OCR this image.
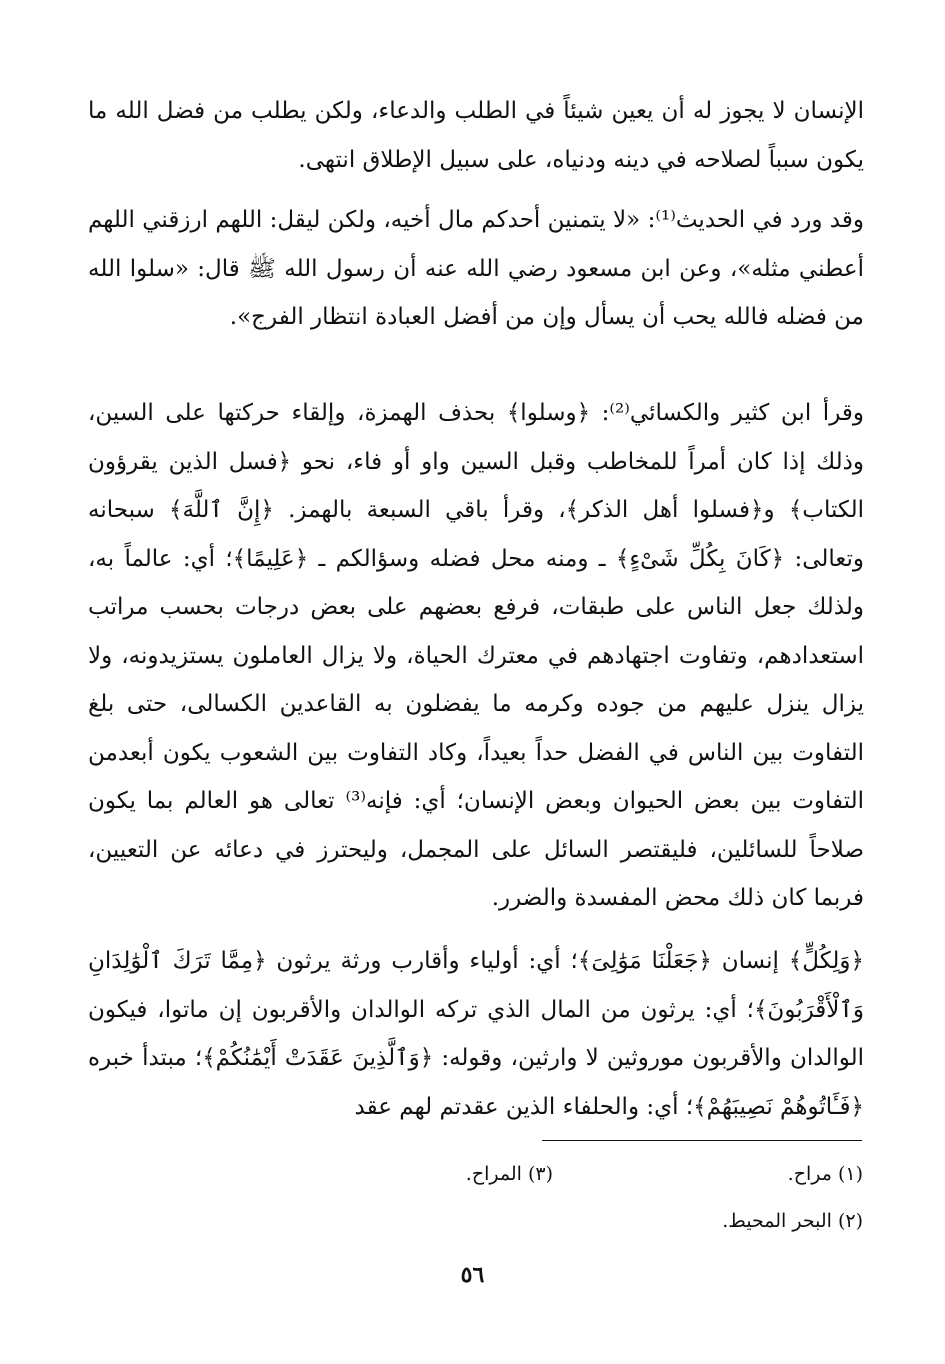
الإنسان لا يجوز له أن يعين شيئاً في الطلب والدعاء، ولكن يطلب من فضل الله ما يكون سبباً لصلاحه في دينه ودنياه، على سبيل الإطلاق انتهى.

وقد ورد في الحديث⁽¹⁾: «لا يتمنين أحدكم مال أخيه، ولكن ليقل: اللهم ارزقني اللهم أعطني مثله»، وعن ابن مسعود رضي الله عنه أن رسول الله ﷺ قال: «سلوا الله من فضله فالله يحب أن يسأل وإن من أفضل العبادة انتظار الفرج».

وقرأ ابن كثير والكسائي⁽²⁾: ﴿وسلوا﴾ بحذف الهمزة، وإلقاء حركتها على السين، وذلك إذا كان أمراً للمخاطب وقبل السين واو أو فاء، نحو ﴿فسل الذين يقرؤون الكتاب﴾ و﴿فسلوا أهل الذكر﴾، وقرأ باقي السبعة بالهمز. ﴿إِنَّ ٱللَّهَ﴾ سبحانه وتعالى: ﴿كَانَ بِكُلِّ شَىْءٍ﴾ ـ ومنه محل فضله وسؤالكم ـ ﴿عَلِيمًا﴾؛ أي: عالماً به، ولذلك جعل الناس على طبقات، فرفع بعضهم على بعض درجات بحسب مراتب استعدادهم، وتفاوت اجتهادهم في معترك الحياة، ولا يزال العاملون يستزيدونه، ولا يزال ينزل عليهم من جوده وكرمه ما يفضلون به القاعدين الكسالى، حتى بلغ التفاوت بين الناس في الفضل حداً بعيداً، وكاد التفاوت بين الشعوب يكون أبعدمن التفاوت بين بعض الحيوان وبعض الإنسان؛ أي: فإنه⁽³⁾ تعالى هو العالم بما يكون صلاحاً للسائلين، فليقتصر السائل على المجمل، وليحترز في دعائه عن التعيين، فربما كان ذلك محض المفسدة والضرر.

﴿وَلِكُلٍّ﴾ إنسان ﴿جَعَلْنَا مَوَٰلِىَ﴾؛ أي: أولياء وأقارب ورثة يرثون ﴿مِمَّا تَرَكَ ٱلْوَٰلِدَانِ وَٱلْأَقْرَبُونَ﴾؛ أي: يرثون من المال الذي تركه الوالدان والأقربون إن ماتوا، فيكون الوالدان والأقربون موروثين لا وارثين، وقوله: ﴿وَٱلَّذِينَ عَقَدَتْ أَيْمَٰنُكُمْ﴾؛ مبتدأ خبره ﴿فَـَٔاتُوهُمْ نَصِيبَهُمْ﴾؛ أي: والحلفاء الذين عقدتم لهم عقد

(١) مراح.
(٣) المراح.
(٢) البحر المحيط.
٥٦
